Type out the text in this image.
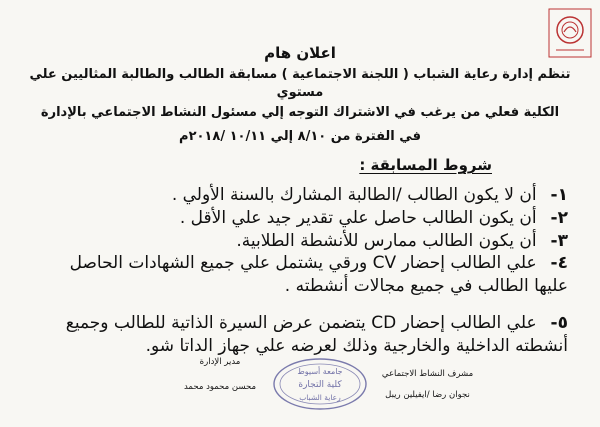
اعلان هام
تنظم إدارة رعاية الشباب ( اللجنة الاجتماعية ) مسابقة الطالب والطالبة المثاليين علي مستوي
الكلية فعلي من يرغب في الاشتراك التوجه إلي مسئول النشاط الاجتماعي بالإدارة
في الفترة من ٨/١٠ إلي ١٠/١١ /٢٠١٨م
شروط المسابقة :
١- أن لا يكون الطالب /الطالبة المشارك بالسنة الأولي .
٢- أن يكون الطالب حاصل علي تقدير جيد علي الأقل .
٣- أن يكون الطالب ممارس للأنشطة الطلابية.
٤- علي الطالب إحضار CV ورقي يشتمل علي جميع الشهادات الحاصل عليها الطالب في جميع مجالات أنشطته .
٥- علي الطالب إحضار CD يتضمن عرض السيرة الذاتية للطالب وجميع أنشطته الداخلية والخارجية وذلك لعرضه علي جهاز الداتا شو.
مدير الإدارة
محسن محمود محمد
جامعة أسيوط
كلية التجارة
رعاية الشباب
مشرف النشاط الاجتماعي
نجوان رضا /ايفيلين ريبل
